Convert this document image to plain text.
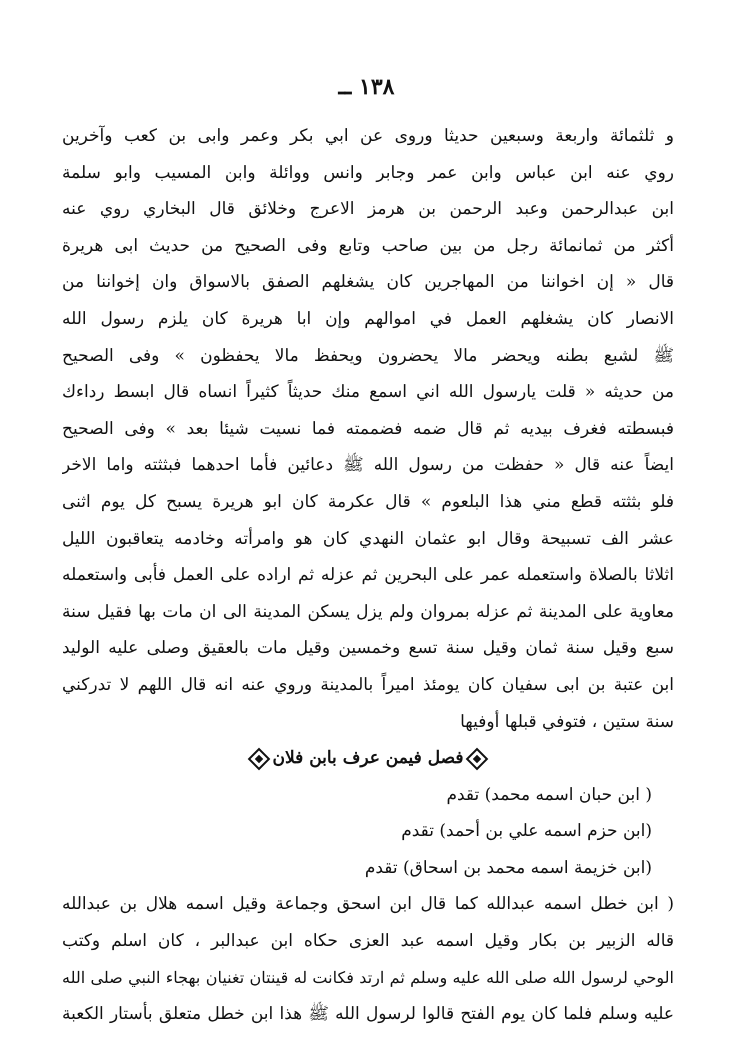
١٣٨ ــ
و ثلثمائة واربعة وسبعين حديثا وروى عن ابي بكر وعمر وابى بن كعب وآخرين
روي عنه ابن عباس وابن عمر وجابر وانس ووائلة وابن المسيب وابو سلمة
ابن عبدالرحمن وعبد الرحمن بن هرمز الاعرج وخلائق قال البخاري روي عنه
أكثر من ثمانمائة رجل من بين صاحب وتابع وفى الصحيح من حديث ابى هريرة
قال « إن اخواننا من المهاجرين كان يشغلهم الصفق بالاسواق وان إخواننا من
الانصار كان يشغلهم العمل في اموالهم وإن ابا هريرة كان يلزم رسول الله
ﷺ لشبع بطنه ويحضر مالا يحضرون ويحفظ مالا يحفظون » وفى الصحيح
من حديثه « قلت يارسول الله اني اسمع منك حديثاً كثيراً انساه قال ابسط رداءك
فبسطته فغرف بيديه ثم قال ضمه فضممته فما نسيت شيئا بعد » وفى الصحيح
ايضاً عنه قال « حفظت من رسول الله ﷺ دعائين فأما احدهما فبثثته واما الاخر
فلو بثثته قطع مني هذا البلعوم » قال عكرمة كان ابو هريرة يسبح كل يوم اثنى
عشر الف تسبيحة وقال ابو عثمان النهدي كان هو وامرأته وخادمه يتعاقبون الليل
اثلاثا بالصلاة واستعمله عمر على البحرين ثم عزله ثم اراده على العمل فأبى واستعمله
معاوية على المدينة ثم عزله بمروان ولم يزل يسكن المدينة الى ان مات بها فقيل سنة
سبع وقيل سنة ثمان وقيل سنة تسع وخمسين وقيل مات بالعقيق وصلى عليه الوليد
ابن عتبة بن ابى سفيان كان يومئذ اميراً بالمدينة وروي عنه انه قال اللهم لا تدركني
سنة ستين ، فتوفي قبلها أوفيها
فصل فيمن عرف بابن فلان
( ابن حبان اسمه محمد) تقدم
(ابن حزم اسمه علي بن أحمد) تقدم
(ابن خزيمة اسمه محمد بن اسحاق) تقدم
( ابن خطل اسمه عبدالله كما قال ابن اسحق وجماعة وقيل اسمه هلال بن عبدالله
قاله الزبير بن بكار وقيل اسمه عبد العزى حكاه ابن عبدالبر ، كان اسلم وكتب
الوحي لرسول الله صلى الله عليه وسلم ثم ارتد فكانت له قينتان تغنيان بهجاء النبي صلى الله
عليه وسلم فلما كان يوم الفتح قالوا لرسول الله ﷺ هذا ابن خطل متعلق بأستار الكعبة
